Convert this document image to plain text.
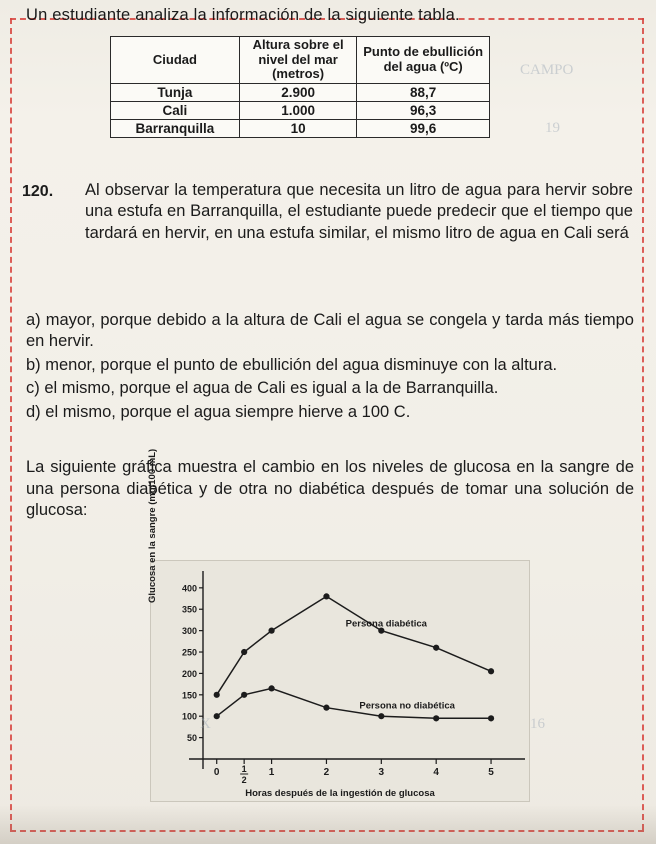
Un estudiante analiza la información de la siguiente tabla.
Ciudad	Altura sobre el nivel del mar (metros)	Punto de ebullición del agua (ºC)
Tunja	2.900	88,7
Cali	1.000	96,3
Barranquilla	10	99,6
120. Al observar la temperatura que necesita un litro de agua para hervir sobre una estufa en Barranquilla, el estudiante puede predecir que el tiempo que tardará en hervir, en una estufa similar, el mismo litro de agua en Cali será
a) mayor, porque debido a la altura de Cali el agua se congela y tarda más tiempo en hervir.
b) menor, porque el punto de ebullición del agua disminuye con la altura.
c) el mismo, porque el agua de Cali es igual a la de Barranquilla.
d) el mismo, porque el agua siempre hierve a 100 C.
La siguiente gráfica muestra el cambio en los niveles de glucosa en la sangre de una persona diabética y de otra no diabética después de tomar una solución de glucosa:	Glucosa en la sangre (mg/100 mL)
Horas después de la ingestión de glucosa
50
100
150
200
250
300
350
400
0 1
2
1	2	3	4	5
Persona diabética
Persona no diabética
CAMPO
19
X	16
